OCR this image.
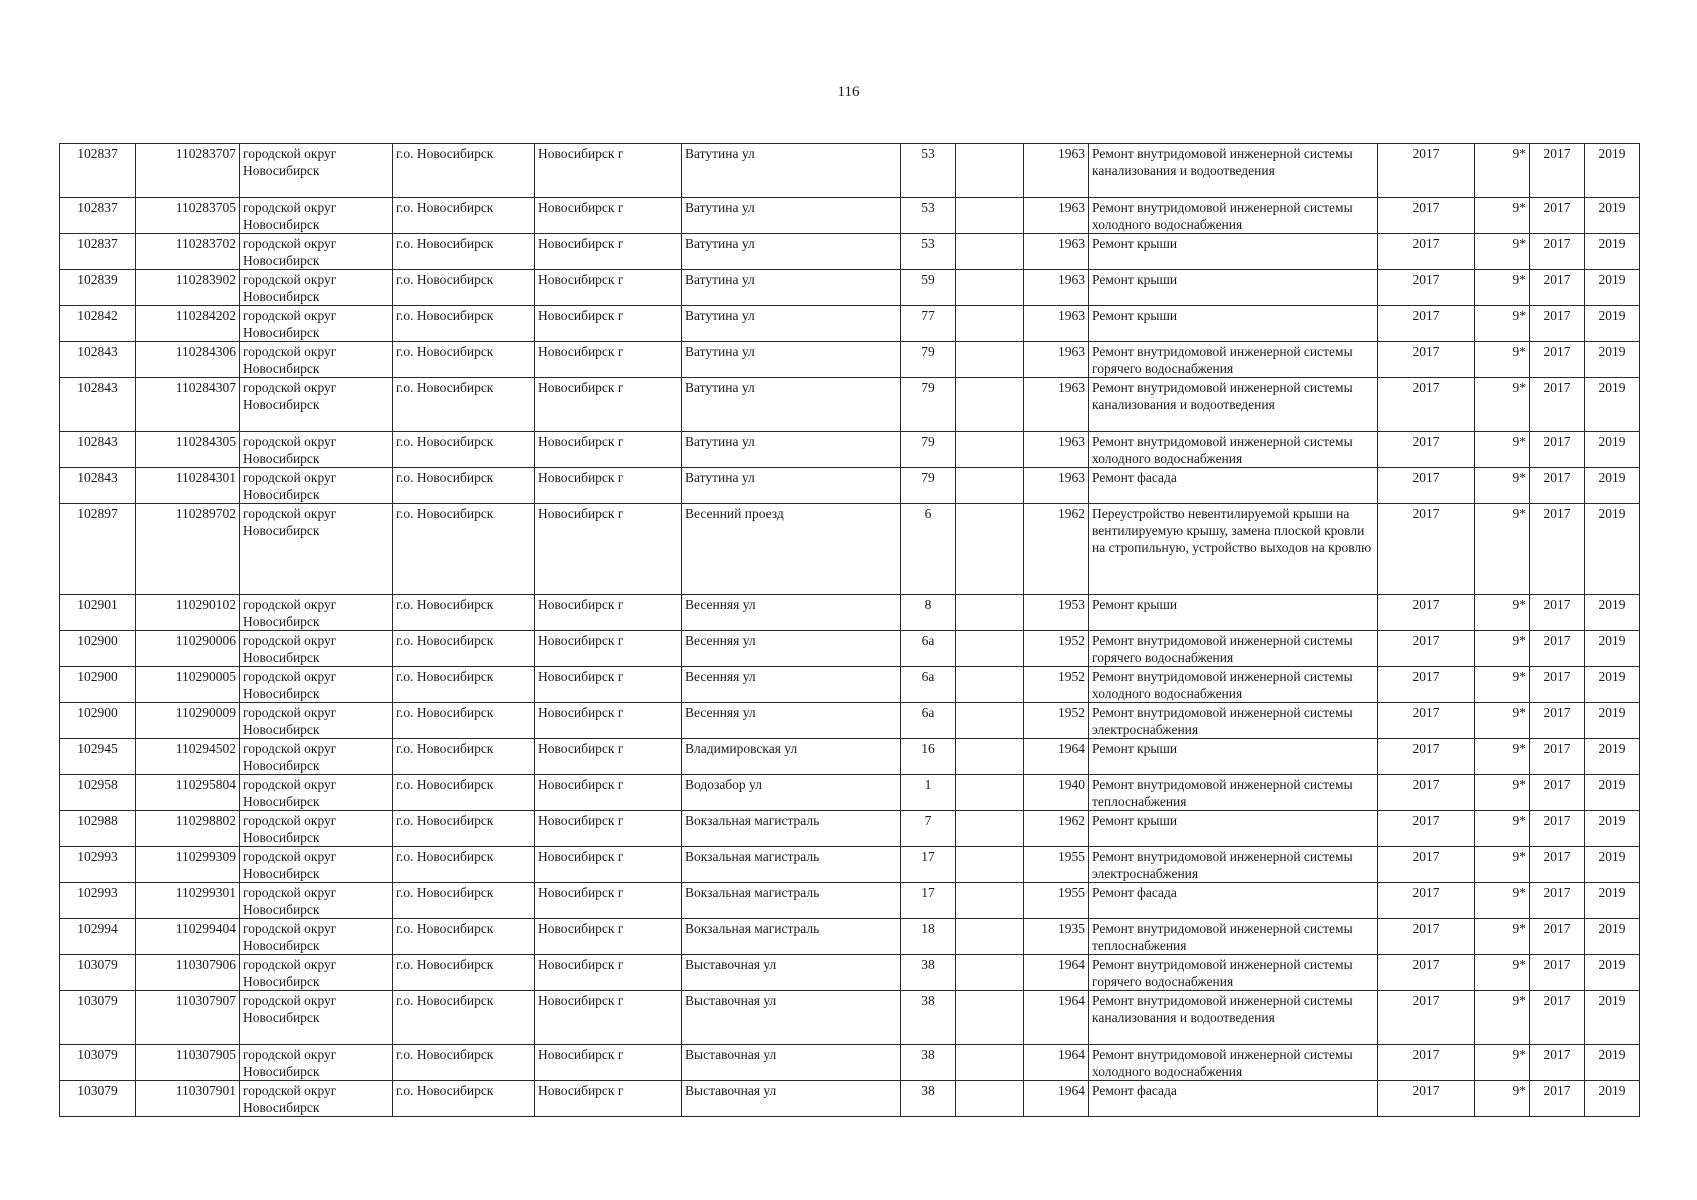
116
102837	110283707	городской округ Новосибирск	г.о. Новосибирск	Новосибирск г	Ватутина ул	53		1963	Ремонт внутридомовой инженерной системы канализования и водоотведения	2017	9*	2017	2019
102837	110283705	городской округ Новосибирск	г.о. Новосибирск	Новосибирск г	Ватутина ул	53		1963	Ремонт внутридомовой инженерной системы холодного водоснабжения	2017	9*	2017	2019
102837	110283702	городской округ Новосибирск	г.о. Новосибирск	Новосибирск г	Ватутина ул	53		1963	Ремонт крыши	2017	9*	2017	2019
102839	110283902	городской округ Новосибирск	г.о. Новосибирск	Новосибирск г	Ватутина ул	59		1963	Ремонт крыши	2017	9*	2017	2019
102842	110284202	городской округ Новосибирск	г.о. Новосибирск	Новосибирск г	Ватутина ул	77		1963	Ремонт крыши	2017	9*	2017	2019
102843	110284306	городской округ Новосибирск	г.о. Новосибирск	Новосибирск г	Ватутина ул	79		1963	Ремонт внутридомовой инженерной системы горячего водоснабжения	2017	9*	2017	2019
102843	110284307	городской округ Новосибирск	г.о. Новосибирск	Новосибирск г	Ватутина ул	79		1963	Ремонт внутридомовой инженерной системы канализования и водоотведения	2017	9*	2017	2019
102843	110284305	городской округ Новосибирск	г.о. Новосибирск	Новосибирск г	Ватутина ул	79		1963	Ремонт внутридомовой инженерной системы холодного водоснабжения	2017	9*	2017	2019
102843	110284301	городской округ Новосибирск	г.о. Новосибирск	Новосибирск г	Ватутина ул	79		1963	Ремонт фасада	2017	9*	2017	2019
102897	110289702	городской округ Новосибирск	г.о. Новосибирск	Новосибирск г	Весенний проезд	6		1962	Переустройство невентилируемой крыши на вентилируемую крышу, замена плоской кровли на стропильную, устройство выходов на кровлю	2017	9*	2017	2019
102901	110290102	городской округ Новосибирск	г.о. Новосибирск	Новосибирск г	Весенняя ул	8		1953	Ремонт крыши	2017	9*	2017	2019
102900	110290006	городской округ Новосибирск	г.о. Новосибирск	Новосибирск г	Весенняя ул	6а		1952	Ремонт внутридомовой инженерной системы горячего водоснабжения	2017	9*	2017	2019
102900	110290005	городской округ Новосибирск	г.о. Новосибирск	Новосибирск г	Весенняя ул	6а		1952	Ремонт внутридомовой инженерной системы холодного водоснабжения	2017	9*	2017	2019
102900	110290009	городской округ Новосибирск	г.о. Новосибирск	Новосибирск г	Весенняя ул	6а		1952	Ремонт внутридомовой инженерной системы электроснабжения	2017	9*	2017	2019
102945	110294502	городской округ Новосибирск	г.о. Новосибирск	Новосибирск г	Владимировская ул	16		1964	Ремонт крыши	2017	9*	2017	2019
102958	110295804	городской округ Новосибирск	г.о. Новосибирск	Новосибирск г	Водозабор ул	1		1940	Ремонт внутридомовой инженерной системы теплоснабжения	2017	9*	2017	2019
102988	110298802	городской округ Новосибирск	г.о. Новосибирск	Новосибирск г	Вокзальная магистраль	7		1962	Ремонт крыши	2017	9*	2017	2019
102993	110299309	городской округ Новосибирск	г.о. Новосибирск	Новосибирск г	Вокзальная магистраль	17		1955	Ремонт внутридомовой инженерной системы электроснабжения	2017	9*	2017	2019
102993	110299301	городской округ Новосибирск	г.о. Новосибирск	Новосибирск г	Вокзальная магистраль	17		1955	Ремонт фасада	2017	9*	2017	2019
102994	110299404	городской округ Новосибирск	г.о. Новосибирск	Новосибирск г	Вокзальная магистраль	18		1935	Ремонт внутридомовой инженерной системы теплоснабжения	2017	9*	2017	2019
103079	110307906	городской округ Новосибирск	г.о. Новосибирск	Новосибирск г	Выставочная ул	38		1964	Ремонт внутридомовой инженерной системы горячего водоснабжения	2017	9*	2017	2019
103079	110307907	городской округ Новосибирск	г.о. Новосибирск	Новосибирск г	Выставочная ул	38		1964	Ремонт внутридомовой инженерной системы канализования и водоотведения	2017	9*	2017	2019
103079	110307905	городской округ Новосибирск	г.о. Новосибирск	Новосибирск г	Выставочная ул	38		1964	Ремонт внутридомовой инженерной системы холодного водоснабжения	2017	9*	2017	2019
103079	110307901	городской округ Новосибирск	г.о. Новосибирск	Новосибирск г	Выставочная ул	38		1964	Ремонт фасада	2017	9*	2017	2019
